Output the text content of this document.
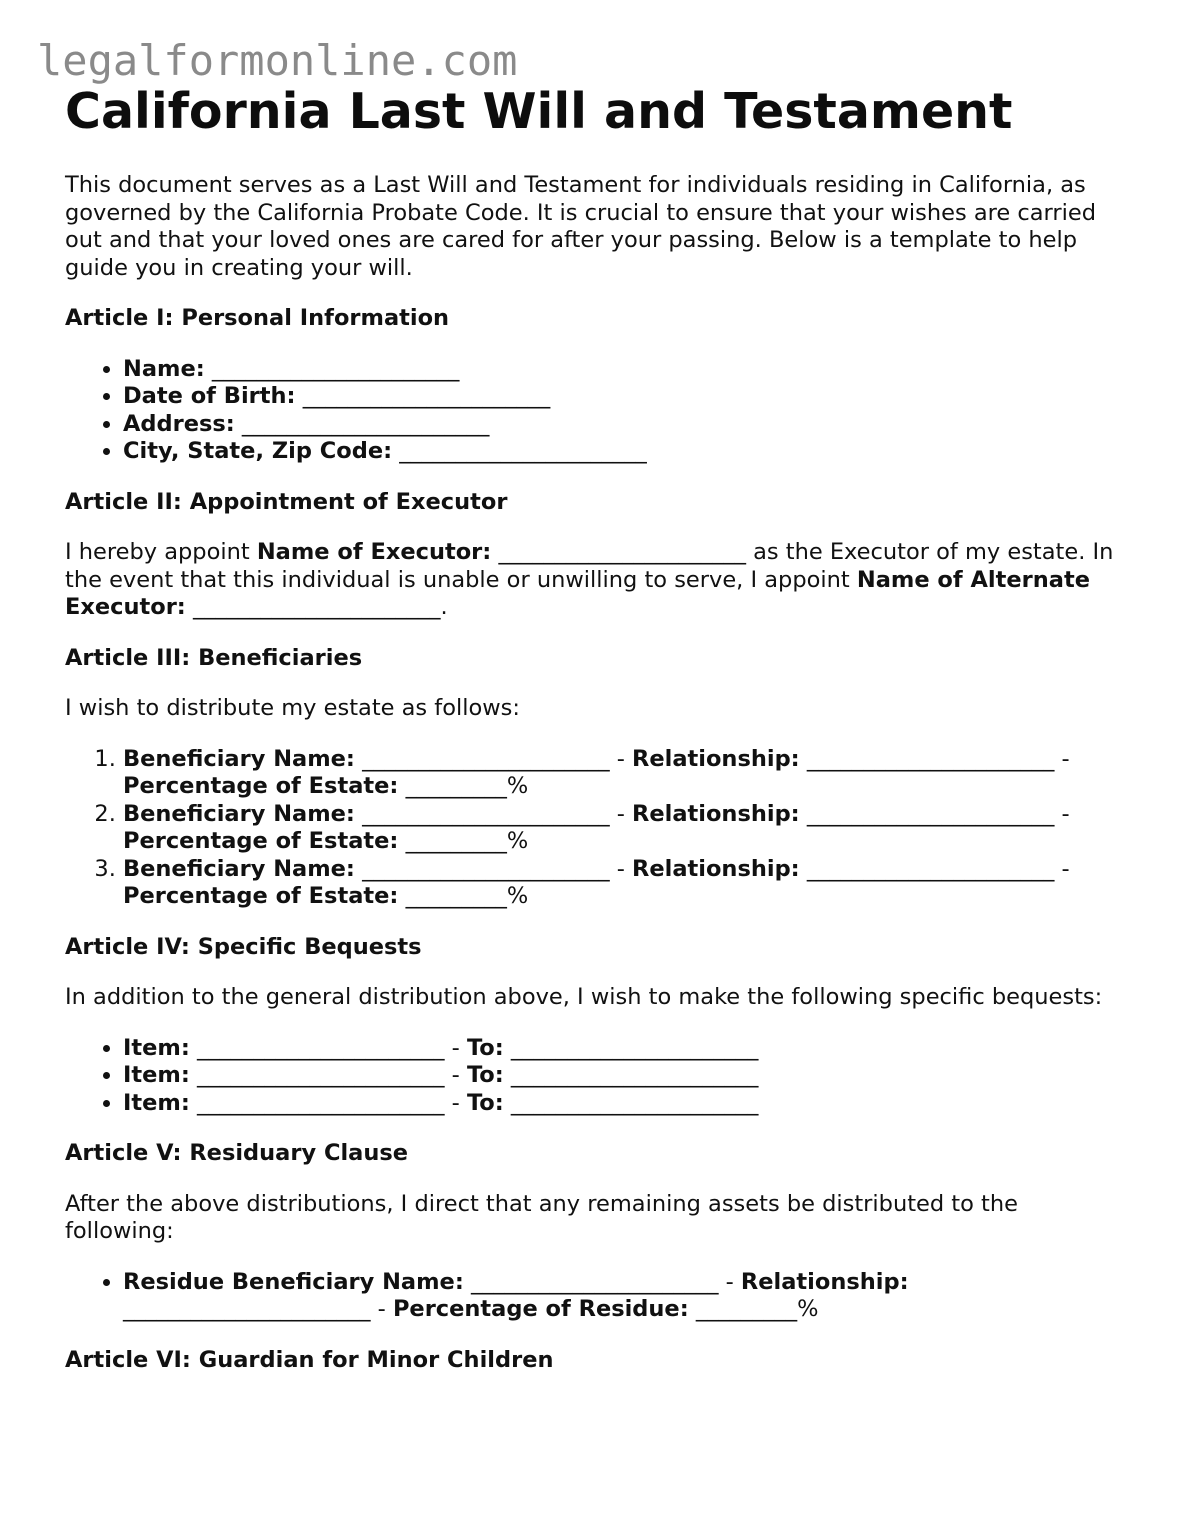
legalformonline.com
California Last Will and Testament

This document serves as a Last Will and Testament for individuals residing in California, as governed by the California Probate Code. It is crucial to ensure that your wishes are carried out and that your loved ones are cared for after your passing. Below is a template to help guide you in creating your will.

Article I: Personal Information
• Name: ______________________
• Date of Birth: ______________________
• Address: ______________________
• City, State, Zip Code: ______________________
Article II: Appointment of Executor

I hereby appoint Name of Executor: ______________________ as the Executor of my estate. In the event that this individual is unable or unwilling to serve, I appoint Name of Alternate Executor: ______________________.

Article III: Beneficiaries

I wish to distribute my estate as follows:

1. Beneficiary Name: ______________________ - Relationship: ______________________ - Percentage of Estate: _________%
2. Beneficiary Name: ______________________ - Relationship: ______________________ - Percentage of Estate: _________%
3. Beneficiary Name: ______________________ - Relationship: ______________________ - Percentage of Estate: _________%
Article IV: Specific Bequests

In addition to the general distribution above, I wish to make the following specific bequests:

• Item: ______________________ - To: ______________________
• Item: ______________________ - To: ______________________
• Item: ______________________ - To: ______________________
Article V: Residuary Clause

After the above distributions, I direct that any remaining assets be distributed to the following:

• Residue Beneficiary Name: ______________________ - Relationship:
______________________ - Percentage of Residue: _________%
Article VI: Guardian for Minor Children
